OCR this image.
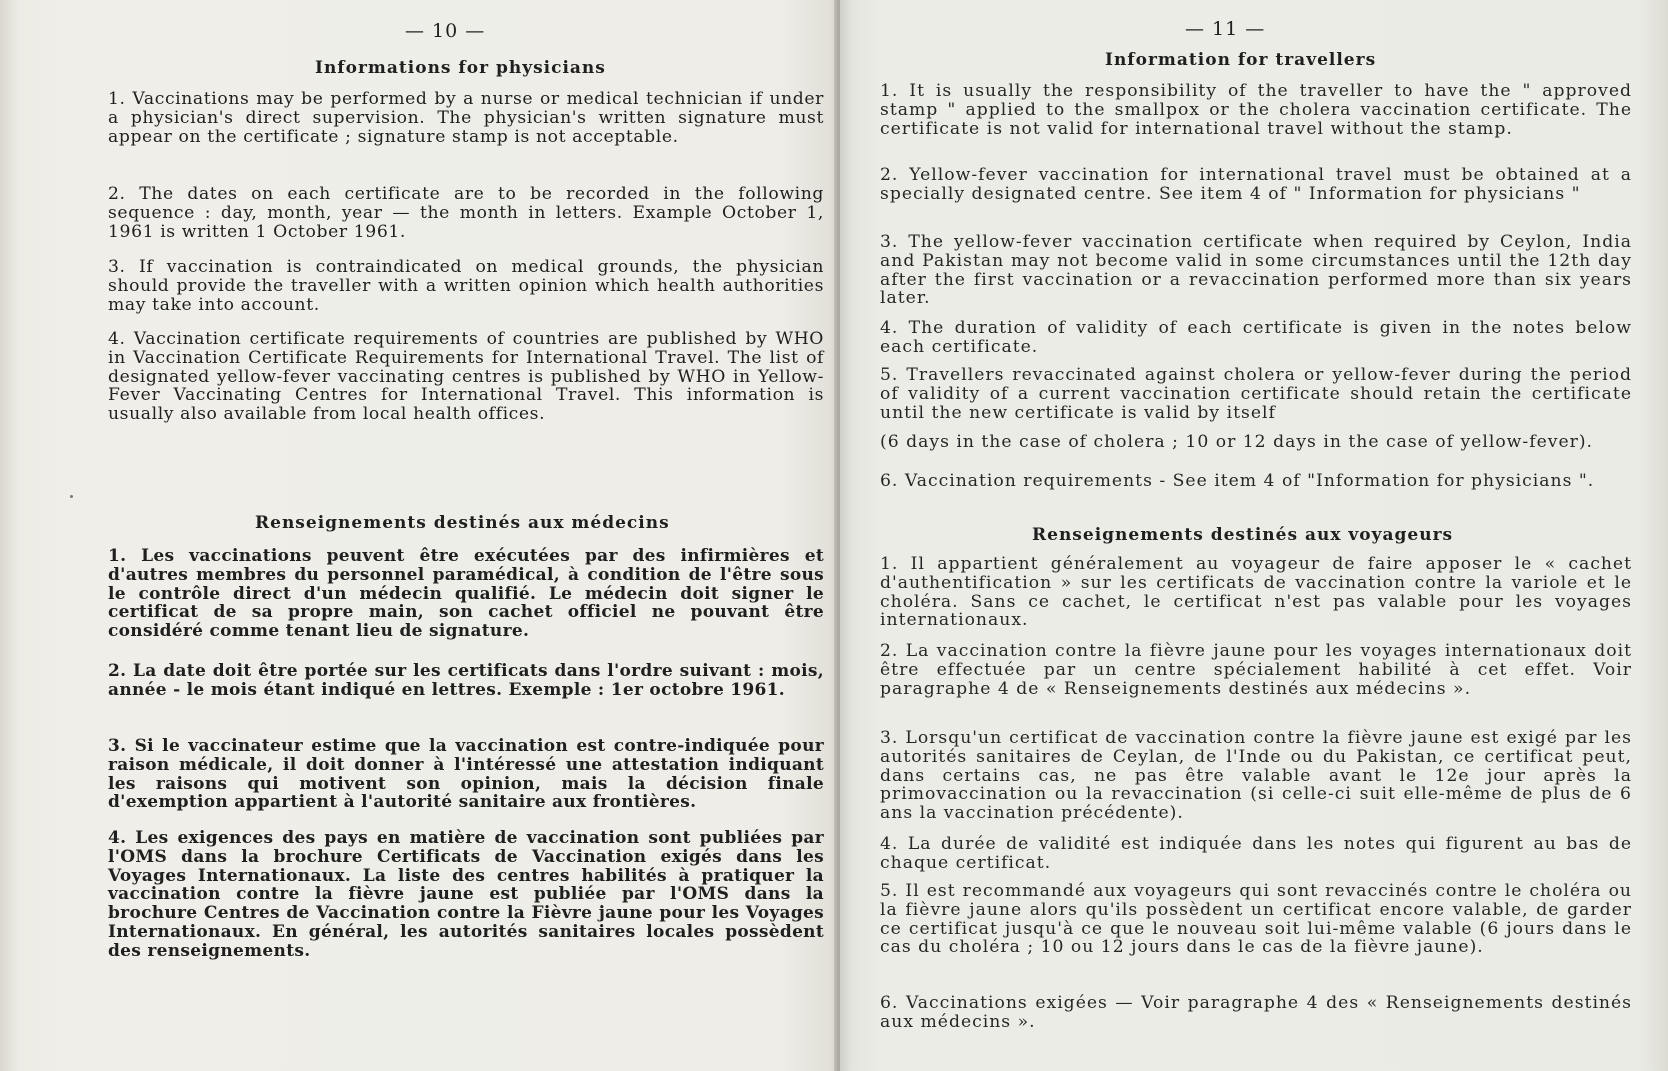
— 10 —
Informations for physicians

1. Vaccinations may be performed by a nurse or medical technician if under a physician's direct supervision. The physician's written signature must appear on the certificate ; signature stamp is not acceptable.

2. The dates on each certificate are to be recorded in the following sequence : day, month, year — the month in letters. Example October 1, 1961 is written 1 October 1961.

3. If vaccination is contraindicated on medical grounds, the physician should provide the traveller with a written opinion which health authorities may take into account.

4. Vaccination certificate requirements of countries are published by WHO in Vaccination Certificate Requirements for International Travel. The list of designated yellow-fever vaccinating centres is published by WHO in Yellow-Fever Vaccinating Centres for International Travel. This information is usually also available from local health offices.

Renseignements destinés aux médecins

1. Les vaccinations peuvent être exécutées par des infirmières et d'autres membres du personnel paramédical, à condition de l'être sous le contrôle direct d'un médecin qualifié. Le médecin doit signer le certificat de sa propre main, son cachet officiel ne pouvant être considéré comme tenant lieu de signature.

2. La date doit être portée sur les certificats dans l'ordre suivant : mois, année - le mois étant indiqué en lettres. Exemple : 1er octobre 1961.

3. Si le vaccinateur estime que la vaccination est contre-indiquée pour raison médicale, il doit donner à l'intéressé une attestation indiquant les raisons qui motivent son opinion, mais la décision finale d'exemption appartient à l'autorité sanitaire aux frontières.

4. Les exigences des pays en matière de vaccination sont publiées par l'OMS dans la brochure Certificats de Vaccination exigés dans les Voyages Internationaux. La liste des centres habilités à pratiquer la vaccination contre la fièvre jaune est publiée par l'OMS dans la brochure Centres de Vaccination contre la Fièvre jaune pour les Voyages Internationaux. En général, les autorités sanitaires locales possèdent des renseignements.

— 11 —
Information for travellers

1. It is usually the responsibility of the traveller to have the " approved stamp " applied to the smallpox or the cholera vaccination certificate. The certificate is not valid for international travel without the stamp.

2. Yellow-fever vaccination for international travel must be obtained at a specially designated centre. See item 4 of " Information for physicians "

3. The yellow-fever vaccination certificate when required by Ceylon, India and Pakistan may not become valid in some circumstances until the 12th day after the first vaccination or a revaccination performed more than six years later.

4. The duration of validity of each certificate is given in the notes below each certificate.

5. Travellers revaccinated against cholera or yellow-fever during the period of validity of a current vaccination certificate should retain the certificate until the new certificate is valid by itself

(6 days in the case of cholera ; 10 or 12 days in the case of yellow-fever).

6. Vaccination requirements - See item 4 of "Information for physicians ".

Renseignements destinés aux voyageurs

1. Il appartient généralement au voyageur de faire apposer le « cachet d'authentification » sur les certificats de vaccination contre la variole et le choléra. Sans ce cachet, le certificat n'est pas valable pour les voyages internationaux.

2. La vaccination contre la fièvre jaune pour les voyages internationaux doit être effectuée par un centre spécialement habilité à cet effet. Voir paragraphe 4 de « Renseignements destinés aux médecins ».

3. Lorsqu'un certificat de vaccination contre la fièvre jaune est exigé par les autorités sanitaires de Ceylan, de l'Inde ou du Pakistan, ce certificat peut, dans certains cas, ne pas être valable avant le 12e jour après la primovaccination ou la revaccination (si celle-ci suit elle-même de plus de 6 ans la vaccination précédente).

4. La durée de validité est indiquée dans les notes qui figurent au bas de chaque certificat.

5. Il est recommandé aux voyageurs qui sont revaccinés contre le choléra ou la fièvre jaune alors qu'ils possèdent un certificat encore valable, de garder ce certificat jusqu'à ce que le nouveau soit lui-même valable (6 jours dans le cas du choléra ; 10 ou 12 jours dans le cas de la fièvre jaune).

6. Vaccinations exigées — Voir paragraphe 4 des « Renseignements destinés aux médecins ».
